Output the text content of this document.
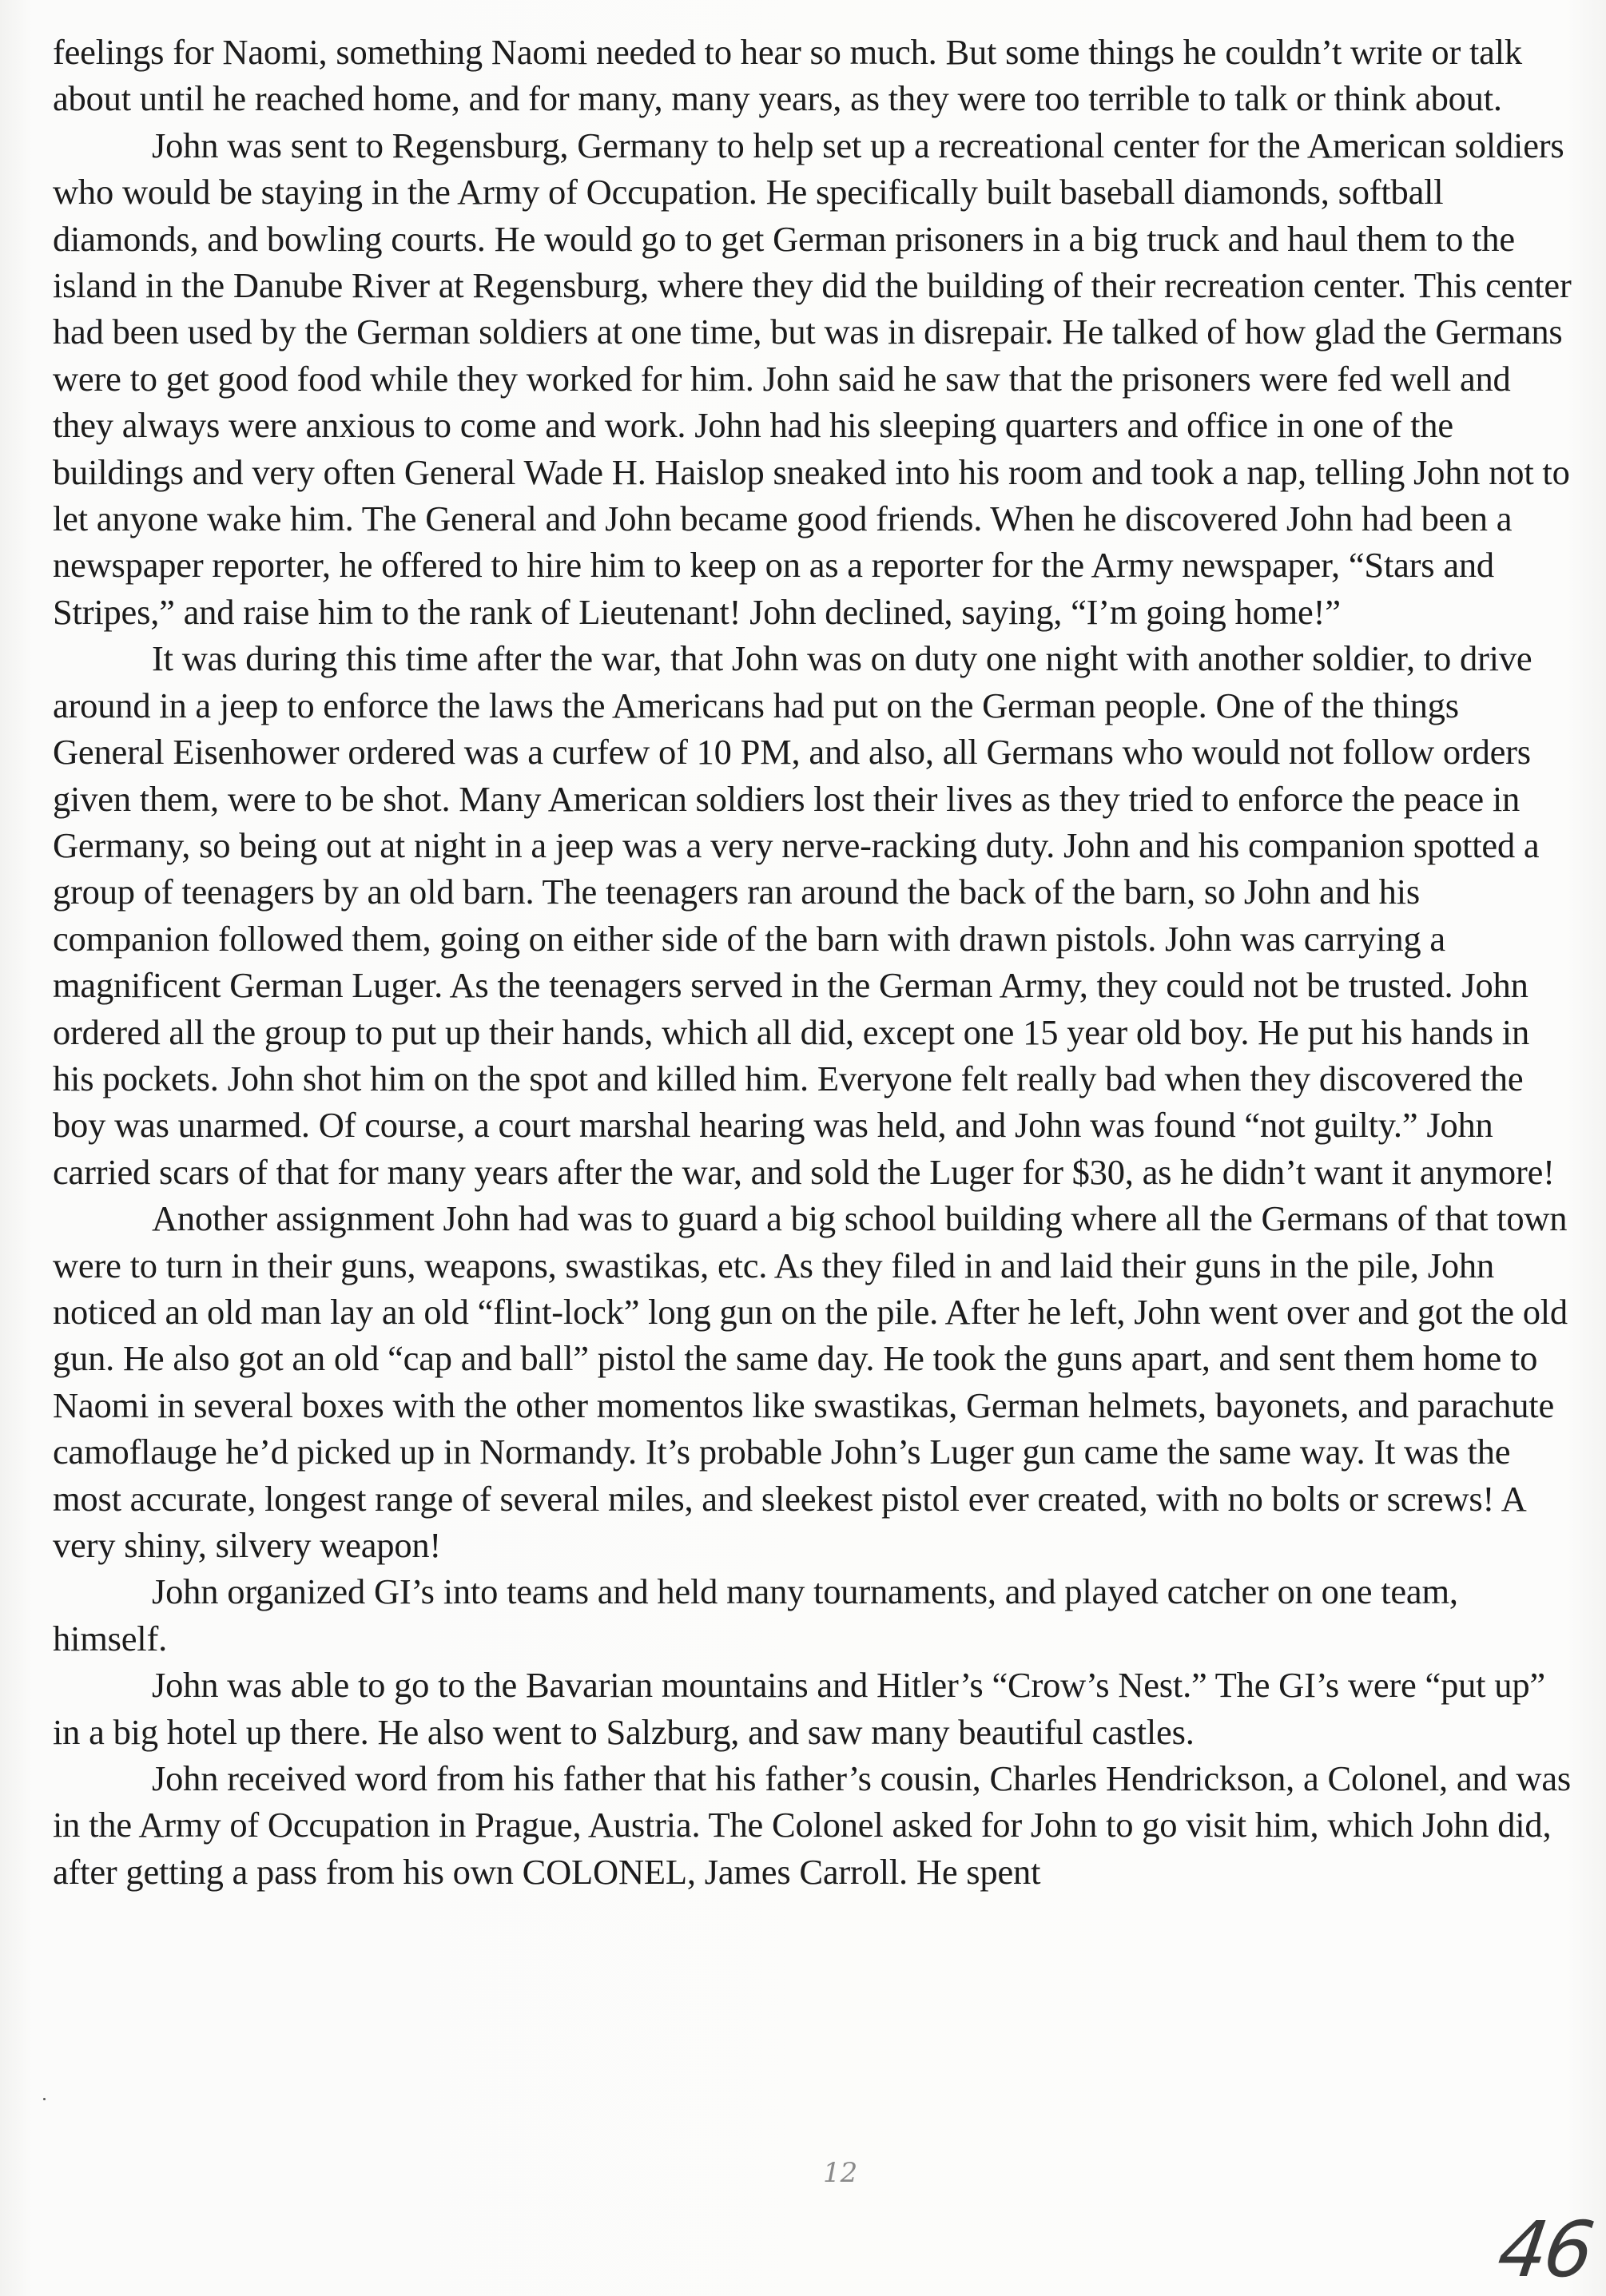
feelings for Naomi, something Naomi needed to hear so much. But some things he couldn’t write or talk about until he reached home, and for many, many years, as they were too terrible to talk or think about.

John was sent to Regensburg, Germany to help set up a recreational center for the American soldiers who would be staying in the Army of Occupation. He specifically built baseball diamonds, softball diamonds, and bowling courts. He would go to get German prisoners in a big truck and haul them to the island in the Danube River at Regensburg, where they did the building of their recreation center. This center had been used by the German soldiers at one time, but was in disrepair. He talked of how glad the Germans were to get good food while they worked for him. John said he saw that the prisoners were fed well and they always were anxious to come and work. John had his sleeping quarters and office in one of the buildings and very often General Wade H. Haislop sneaked into his room and took a nap, telling John not to let anyone wake him. The General and John became good friends. When he discovered John had been a newspaper reporter, he offered to hire him to keep on as a reporter for the Army newspaper, “Stars and Stripes,” and raise him to the rank of Lieutenant! John declined, saying, “I’m going home!”

It was during this time after the war, that John was on duty one night with another soldier, to drive around in a jeep to enforce the laws the Americans had put on the German people. One of the things General Eisenhower ordered was a curfew of 10 PM, and also, all Germans who would not follow orders given them, were to be shot. Many American soldiers lost their lives as they tried to enforce the peace in Germany, so being out at night in a jeep was a very nerve-racking duty. John and his companion spotted a group of teenagers by an old barn. The teenagers ran around the back of the barn, so John and his companion followed them, going on either side of the barn with drawn pistols. John was carrying a magnificent German Luger. As the teenagers served in the German Army, they could not be trusted. John ordered all the group to put up their hands, which all did, except one 15 year old boy. He put his hands in his pockets. John shot him on the spot and killed him. Everyone felt really bad when they discovered the boy was unarmed. Of course, a court marshal hearing was held, and John was found “not guilty.” John carried scars of that for many years after the war, and sold the Luger for $30, as he didn’t want it anymore!

Another assignment John had was to guard a big school building where all the Germans of that town were to turn in their guns, weapons, swastikas, etc. As they filed in and laid their guns in the pile, John noticed an old man lay an old “flint-lock” long gun on the pile. After he left, John went over and got the old gun. He also got an old “cap and ball” pistol the same day. He took the guns apart, and sent them home to Naomi in several boxes with the other momentos like swastikas, German helmets, bayonets, and parachute camoflauge he’d picked up in Normandy. It’s probable John’s Luger gun came the same way. It was the most accurate, longest range of several miles, and sleekest pistol ever created, with no bolts or screws! A very shiny, silvery weapon!

John organized GI’s into teams and held many tournaments, and played catcher on one team, himself.

John was able to go to the Bavarian mountains and Hitler’s “Crow’s Nest.” The GI’s were “put up” in a big hotel up there. He also went to Salzburg, and saw many beautiful castles.

John received word from his father that his father’s cousin, Charles Hendrickson, a Colonel, and was in the Army of Occupation in Prague, Austria. The Colonel asked for John to go visit him, which John did, after getting a pass from his own COLONEL, James Carroll. He spent

12
46
